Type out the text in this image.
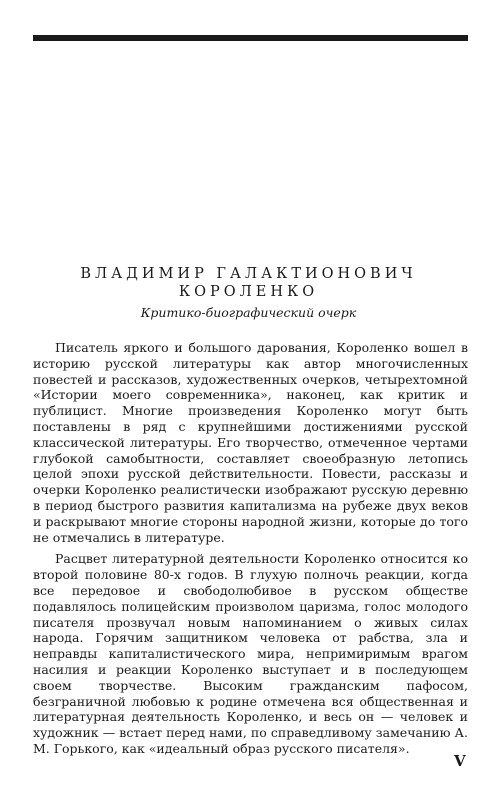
ВЛАДИМИР ГАЛАКТИОНОВИЧ
КОРОЛЕНКО
Критико-биографический очерк

Писатель яркого и большого дарования, Короленко вошел в историю русской литературы как автор многочисленных повестей и рассказов, художественных очерков, четырехтомной «Истории моего современника», наконец, как критик и публицист. Многие произведения Короленко могут быть поставлены в ряд с крупнейшими достижениями русской классической литературы. Его творчество, отмеченное чертами глубокой самобытности, составляет своеобразную летопись целой эпохи русской действительности. Повести, рассказы и очерки Короленко реалистически изображают русскую деревню в период быстрого развития капитализма на рубеже двух веков и раскрывают многие стороны народной жизни, которые до того не отмечались в литературе.

Расцвет литературной деятельности Короленко относится ко второй половине 80-х годов. В глухую полночь реакции, когда все передовое и свободолюбивое в русском обществе подавлялось полицейским произволом царизма, голос молодого писателя прозвучал новым напоминанием о живых силах народа. Горячим защитником человека от рабства, зла и неправды капиталистического мира, непримиримым врагом насилия и реакции Короленко выступает и в последующем своем творчестве. Высоким гражданским пафосом, безграничной любовью к родине отмечена вся общественная и литературная деятельность Короленко, и весь он — человек и художник — встает перед нами, по справедливому замечанию А. М. Горького, как «идеальный образ русского писателя».

V
